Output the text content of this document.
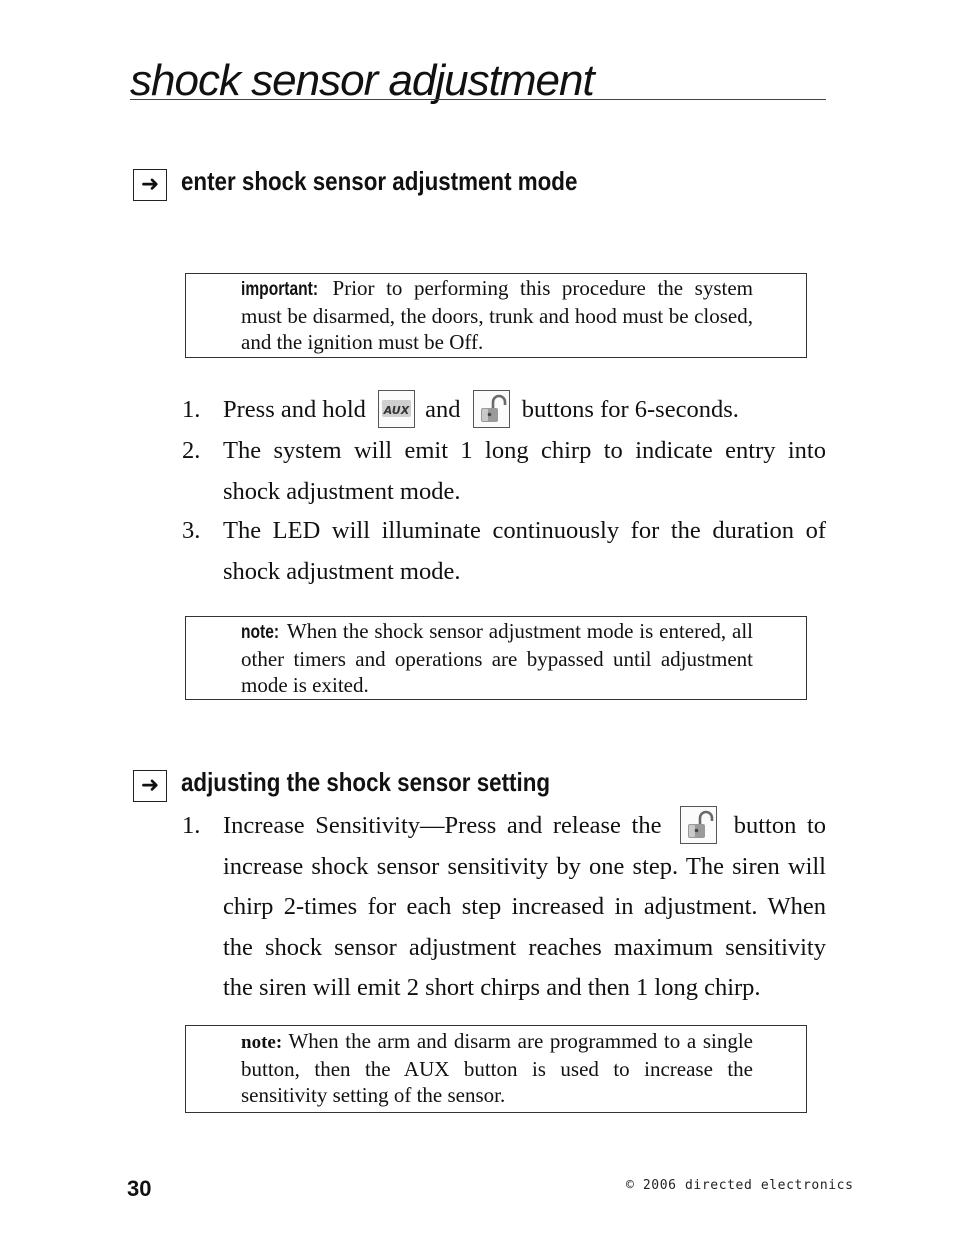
shock sensor adjustment
➜ enter shock sensor adjustment mode
important: Prior to performing this procedure the system must be disarmed, the doors, trunk and hood must be closed, and the ignition must be Off.
1. Press and hold AUX and	buttons for 6-seconds.
2. The system will emit 1 long chirp to indicate entry into shock adjustment mode.
3. The LED will illuminate continuously for the duration of shock adjustment mode.
note: When the shock sensor adjustment mode is entered, all other timers and operations are bypassed until adjustment mode is exited.
➜ adjusting the shock sensor setting
1. Increase Sensitivity—Press and release the	button to increase shock sensor sensitivity by one step. The siren will chirp 2-times for each step increased in adjustment. When the shock sensor adjustment reaches maximum sensitivity the siren will emit 2 short chirps and then 1 long chirp.
note: When the arm and disarm are programmed to a single button, then the AUX button is used to increase the sensitivity setting of the sensor.
30	© 2006 directed electronics
